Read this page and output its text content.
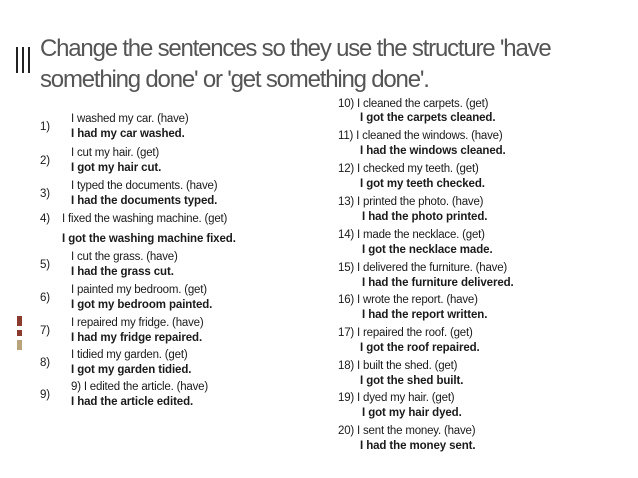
Change the sentences so they use the structure 'have something done' or 'get something done'.
1)
I washed my car. (have)
I had my car washed.
2)
I cut my hair. (get)
I got my hair cut.
3)
I typed the documents. (have)
I had the documents typed.
4) I fixed the washing machine. (get)
I got the washing machine fixed.
5)
I cut the grass. (have)
I had the grass cut.
6)
I painted my bedroom. (get)
I got my bedroom painted.
7)
I repaired my fridge. (have)
I had my fridge repaired.
8)
I tidied my garden. (get)
I got my garden tidied.
9)
9) I edited the article. (have)
I had the article edited.
10) I cleaned the carpets. (get)
I got the carpets cleaned.
11) I cleaned the windows. (have)
I had the windows cleaned.
12) I checked my teeth. (get)
I got my teeth checked.
13) I printed the photo. (have)
I had the photo printed.
14) I made the necklace. (get)
I got the necklace made.
15) I delivered the furniture. (have)
I had the furniture delivered.
16) I wrote the report. (have)
I had the report written.
17) I repaired the roof. (get)
I got the roof repaired.
18) I built the shed. (get)
I got the shed built.
19) I dyed my hair. (get)
I got my hair dyed.
20) I sent the money. (have)
I had the money sent.
